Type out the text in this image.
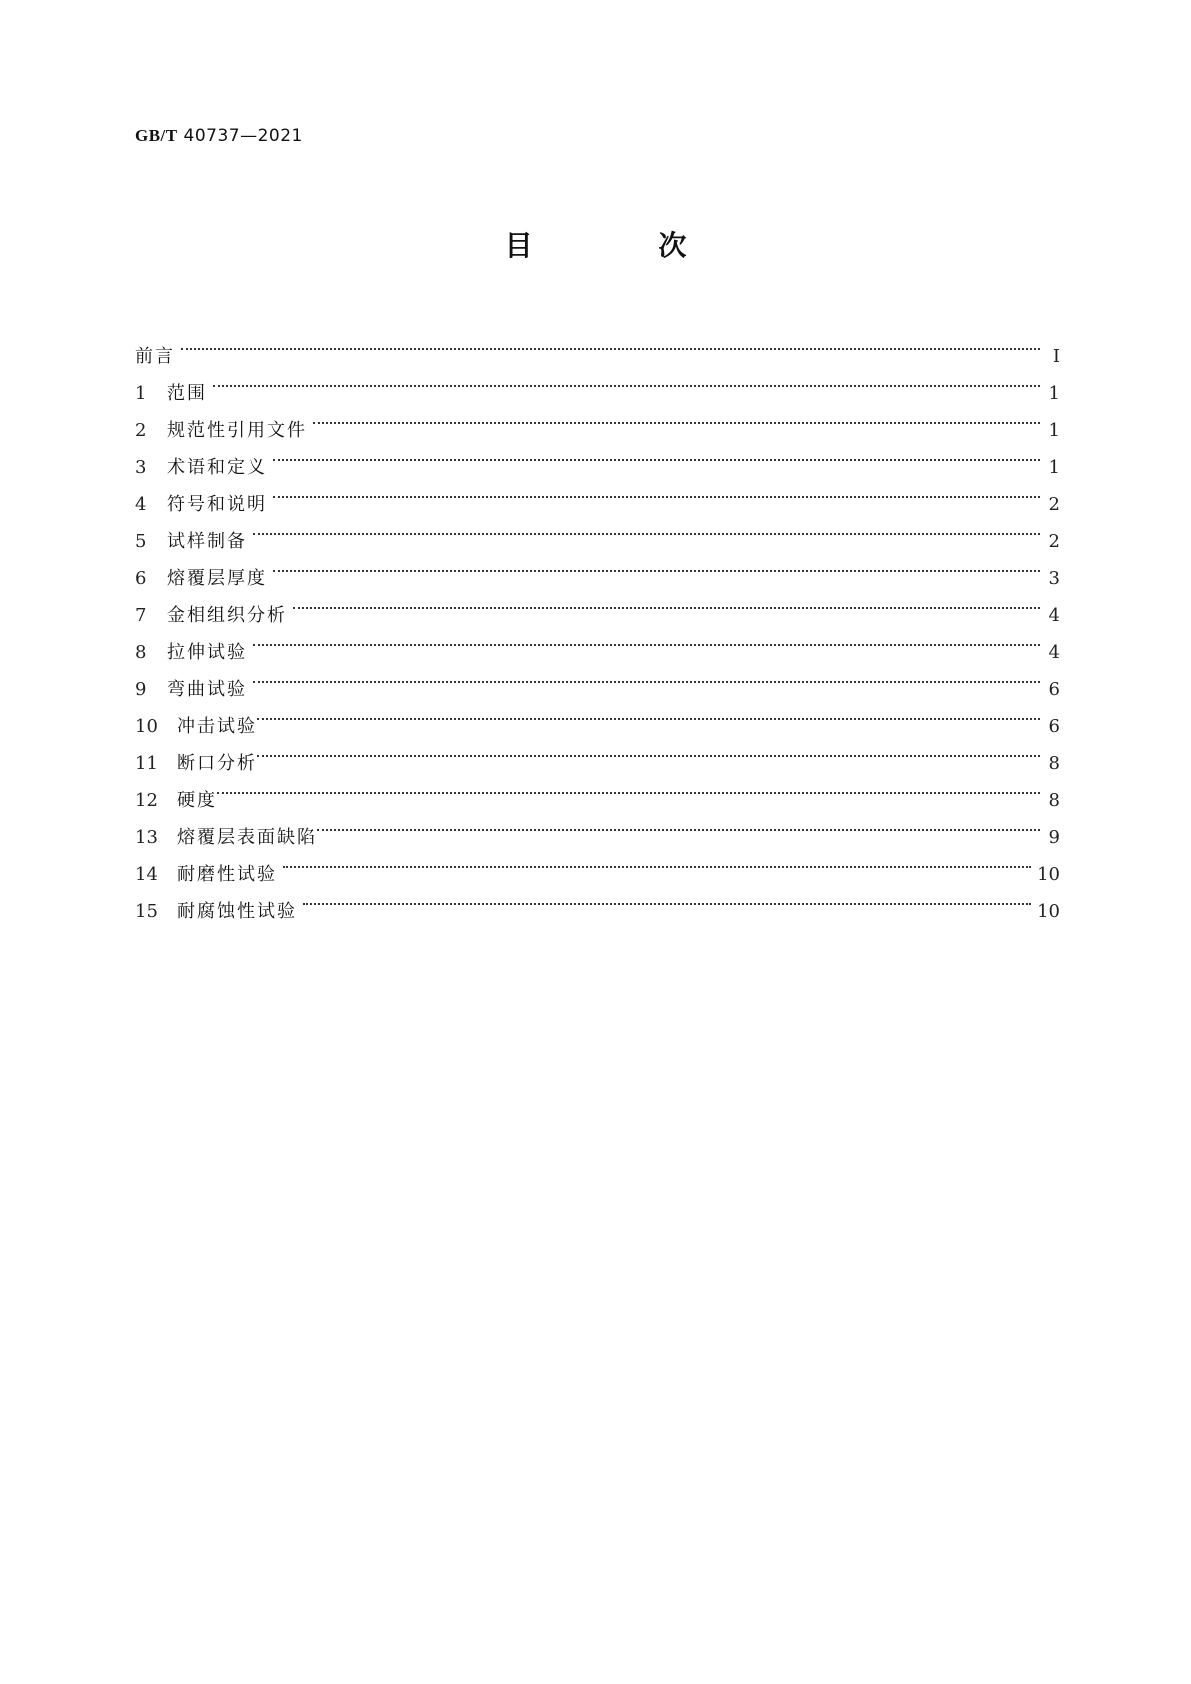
GB/T 40737—2021
目 次
前言	Ⅰ
1	范围	1
2	规范性引用文件	1
3	术语和定义	1
4	符号和说明	2
5	试样制备	2
6	熔覆层厚度	3
7	金相组织分析	4
8	拉伸试验	4
9	弯曲试验	6
10	冲击试验	6
11	断口分析	8
12	硬度	8
13	熔覆层表面缺陷	9
14	耐磨性试验	10
15	耐腐蚀性试验	10
